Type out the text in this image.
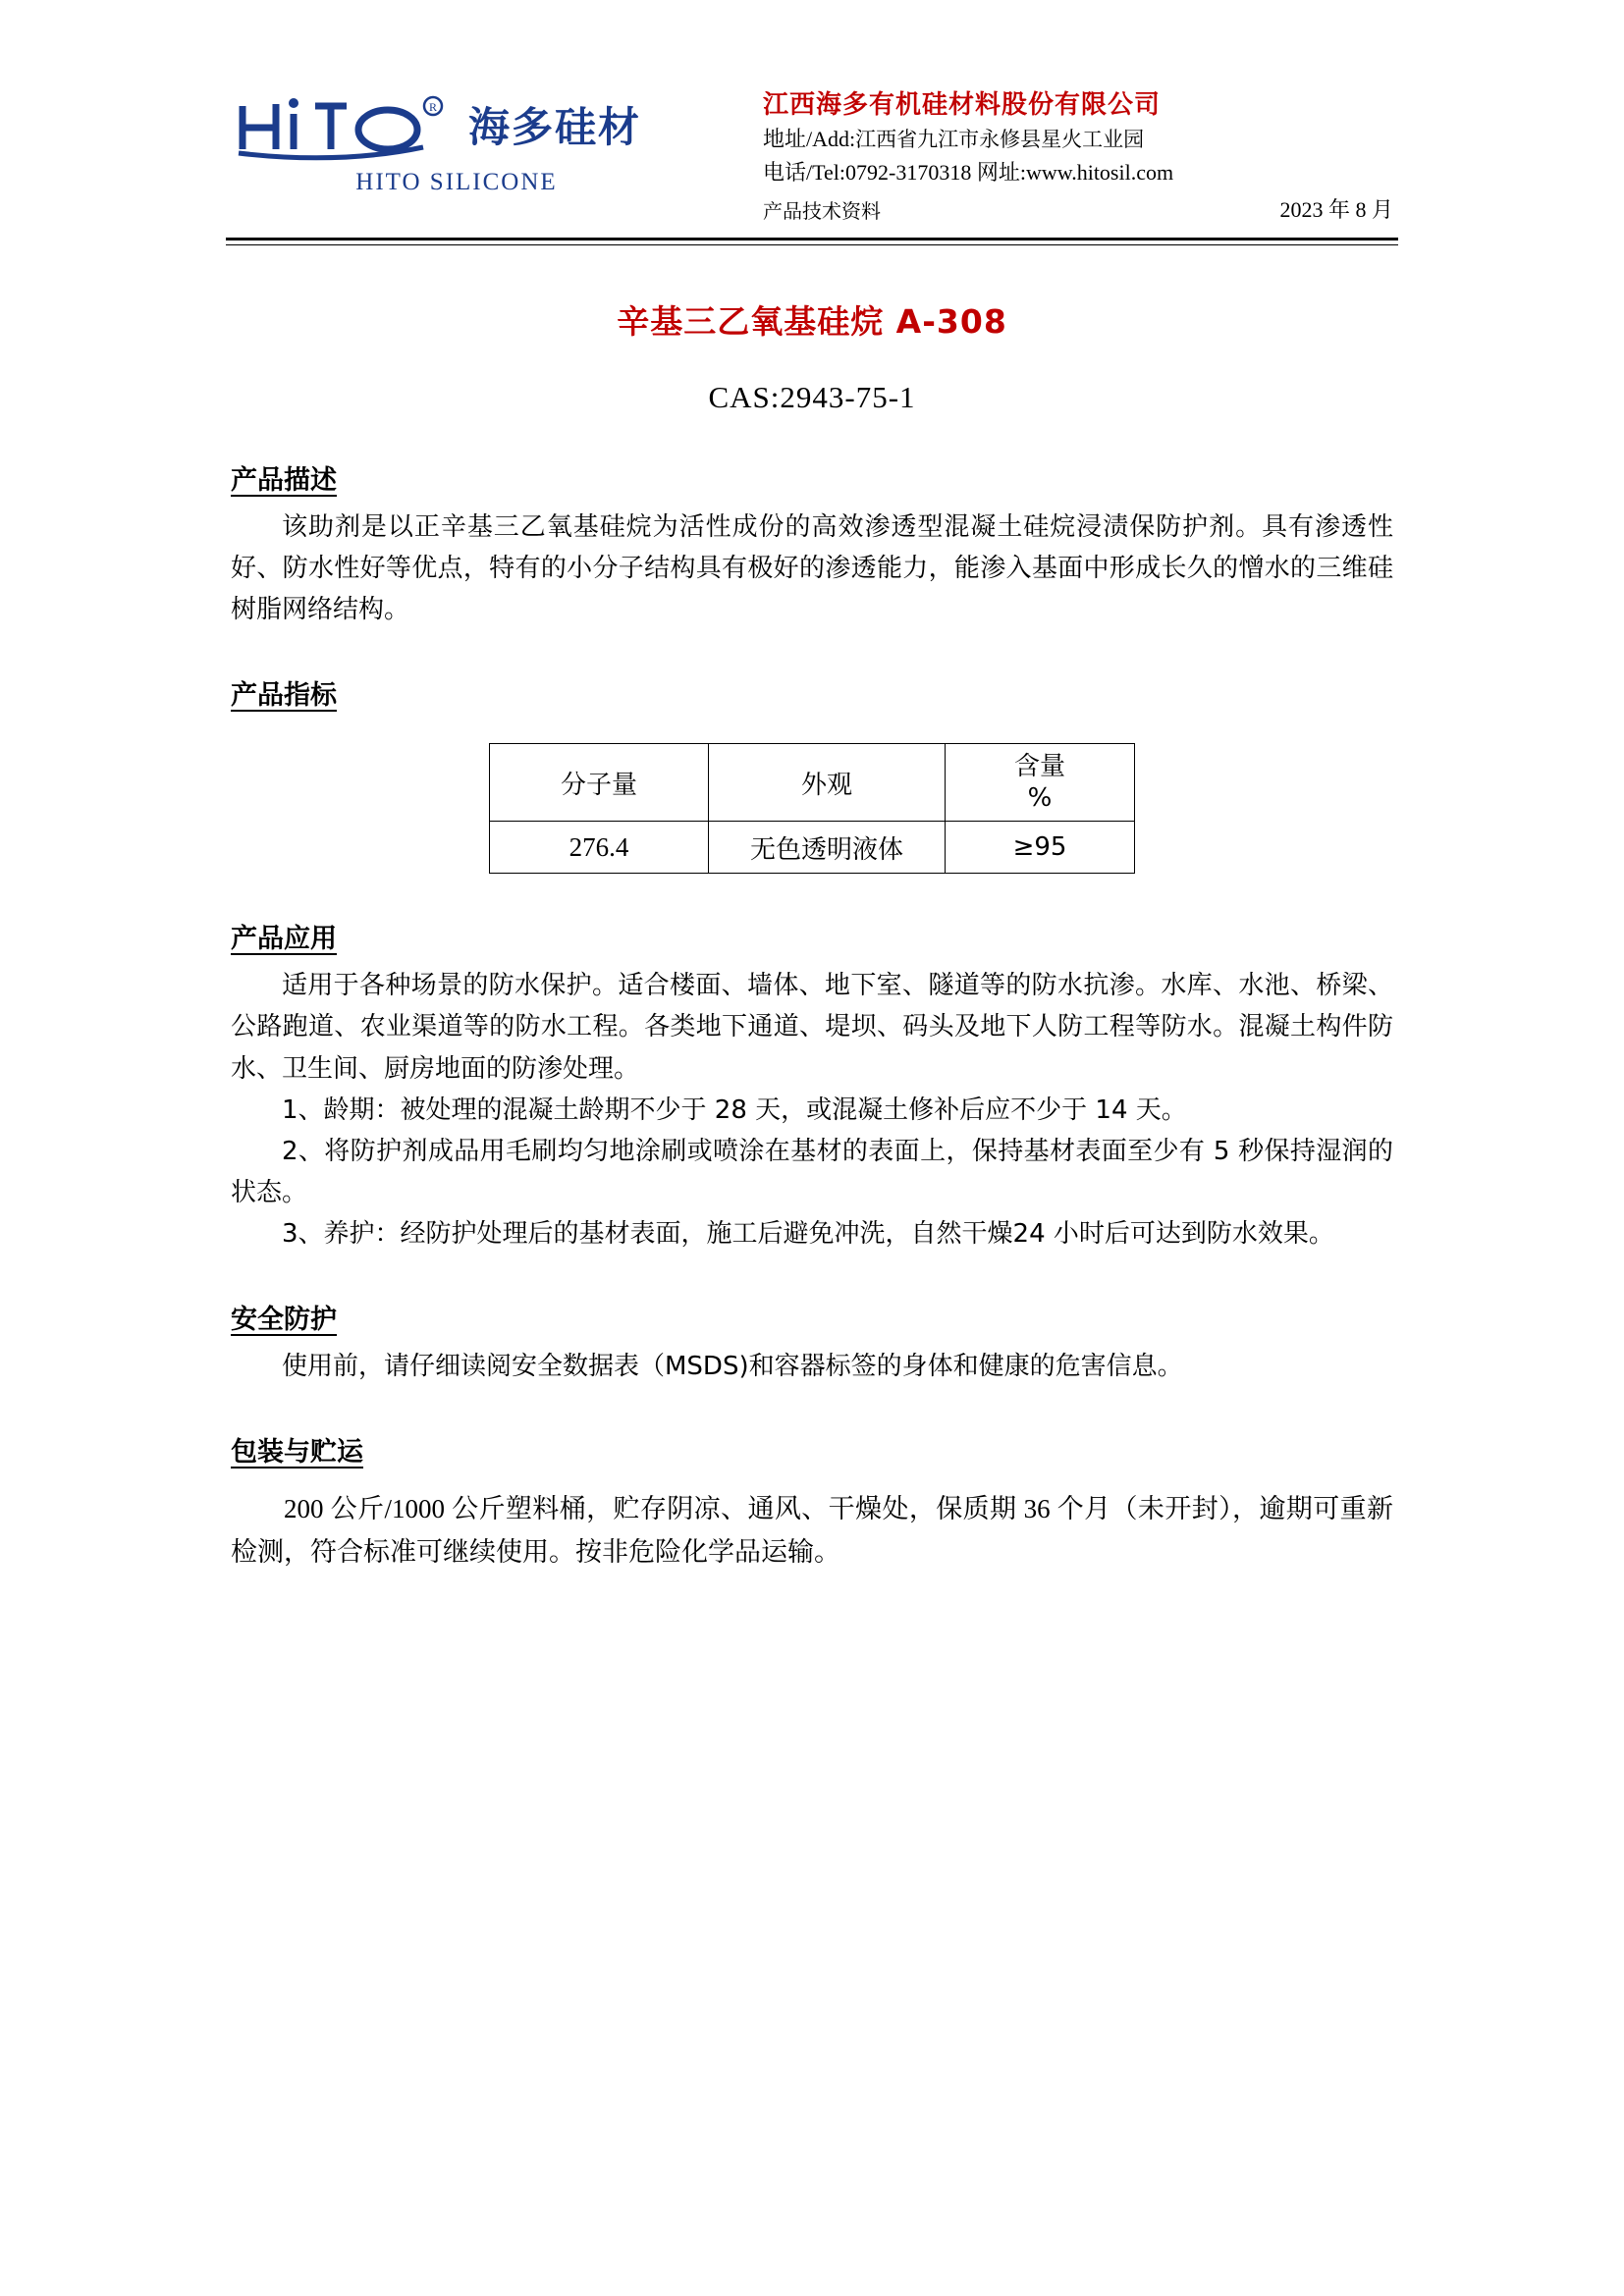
R 海多硅材
HITO SILICONE
江西海多有机硅材料股份有限公司
地址/Add:江西省九江市永修县星火工业园
电话/Tel:0792-3170318 网址:www.hitosil.com
产品技术资料	2023 年 8 月
辛基三乙氧基硅烷 A-308
CAS:2943-75-1
产品描述

该助剂是以正辛基三乙氧基硅烷为活性成份的高效渗透型混凝土硅烷浸渍保防护剂。具有渗透性好、防水性好等优点，特有的小分子结构具有极好的渗透能力，能渗入基面中形成长久的憎水的三维硅树脂网络结构。

产品指标
分子量	外观	含量
%

276.4	无色透明液体	≥95
产品应用

适用于各种场景的防水保护。适合楼面、墙体、地下室、隧道等的防水抗渗。水库、水池、桥梁、公路跑道、农业渠道等的防水工程。各类地下通道、堤坝、码头及地下人防工程等防水。混凝土构件防水、卫生间、厨房地面的防渗处理。

1、龄期：被处理的混凝土龄期不少于 28 天，或混凝土修补后应不少于 14 天。

2、将防护剂成品用毛刷均匀地涂刷或喷涂在基材的表面上，保持基材表面至少有 5 秒保持湿润的状态。

3、养护：经防护处理后的基材表面，施工后避免冲洗，自然干燥24 小时后可达到防水效果。

安全防护

使用前，请仔细读阅安全数据表（MSDS)和容器标签的身体和健康的危害信息。

包装与贮运

200 公斤/1000 公斤塑料桶，贮存阴凉、通风、干燥处，保质期 36 个月（未开封），逾期可重新检测，符合标准可继续使用。按非危险化学品运输。
